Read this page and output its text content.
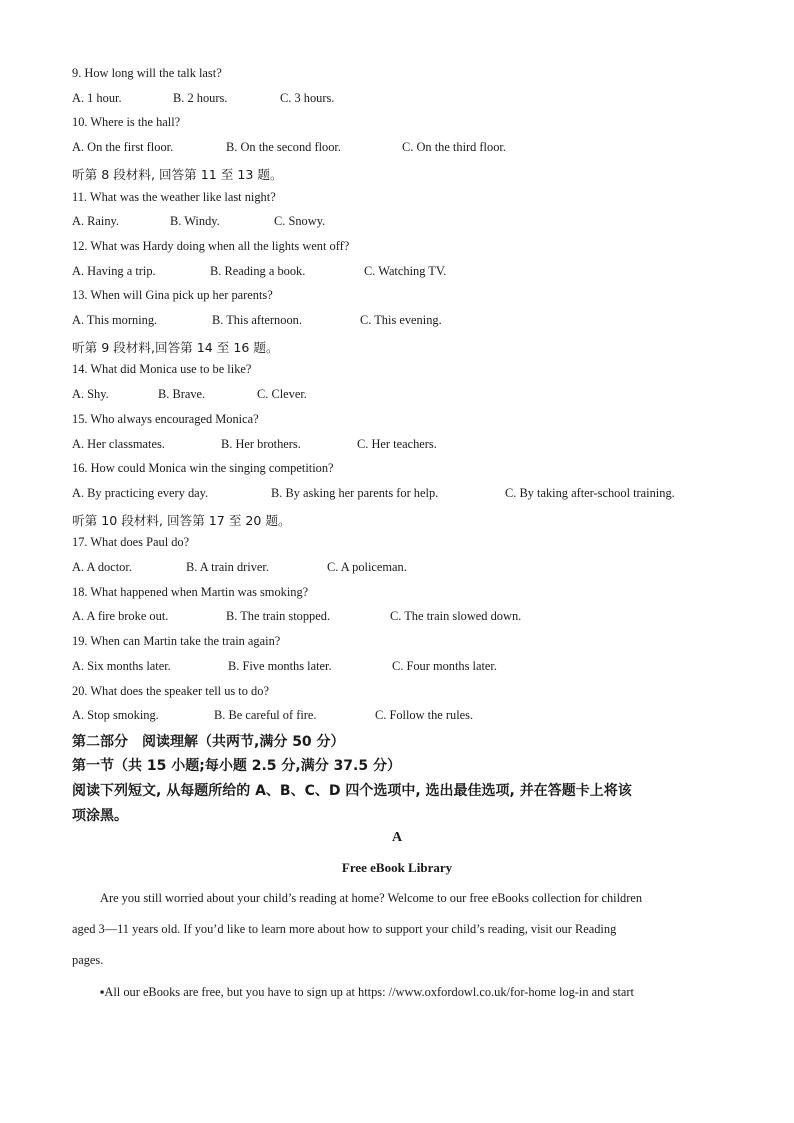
9. How long will the talk last?
A. 1 hour.	B. 2 hours.	C. 3 hours.
10. Where is the hall?
A. On the first floor.	B. On the second floor.	C. On the third floor.
听第 8 段材料, 回答第 11 至 13 题。
11. What was the weather like last night?
A. Rainy.	B. Windy.	C. Snowy.
12. What was Hardy doing when all the lights went off?
A. Having a trip.	B. Reading a book.	C. Watching TV.
13. When will Gina pick up her parents?
A. This morning.	B. This afternoon.	C. This evening.
听第 9 段材料,回答第 14 至 16 题。
14. What did Monica use to be like?
A. Shy.	B. Brave.	C. Clever.
15. Who always encouraged Monica?
A. Her classmates.	B. Her brothers.	C. Her teachers.
16. How could Monica win the singing competition?
A. By practicing every day.	B. By asking her parents for help.	C. By taking after-school training.
听第 10 段材料, 回答第 17 至 20 题。
17. What does Paul do?
A. A doctor.	B. A train driver.	C. A policeman.
18. What happened when Martin was smoking?
A. A fire broke out.	B. The train stopped.	C. The train slowed down.
19. When can Martin take the train again?
A. Six months later.	B. Five months later.	C. Four months later.
20. What does the speaker tell us to do?
A. Stop smoking.	B. Be careful of fire.	C. Follow the rules.
第二部分　阅读理解（共两节,满分 50 分）
第一节（共 15 小题;每小题 2.5 分,满分 37.5 分）
阅读下列短文, 从每题所给的 A、B、C、D 四个选项中, 选出最佳选项, 并在答题卡上将该
项涂黑。
A
Free eBook Library
Are you still worried about your child’s reading at home? Welcome to our free eBooks collection for children
aged 3—11 years old. If you’d like to learn more about how to support your child’s reading, visit our Reading
pages.
▪All our eBooks are free, but you have to sign up at https: //www.oxfordowl.co.uk/for-home log-in and start
